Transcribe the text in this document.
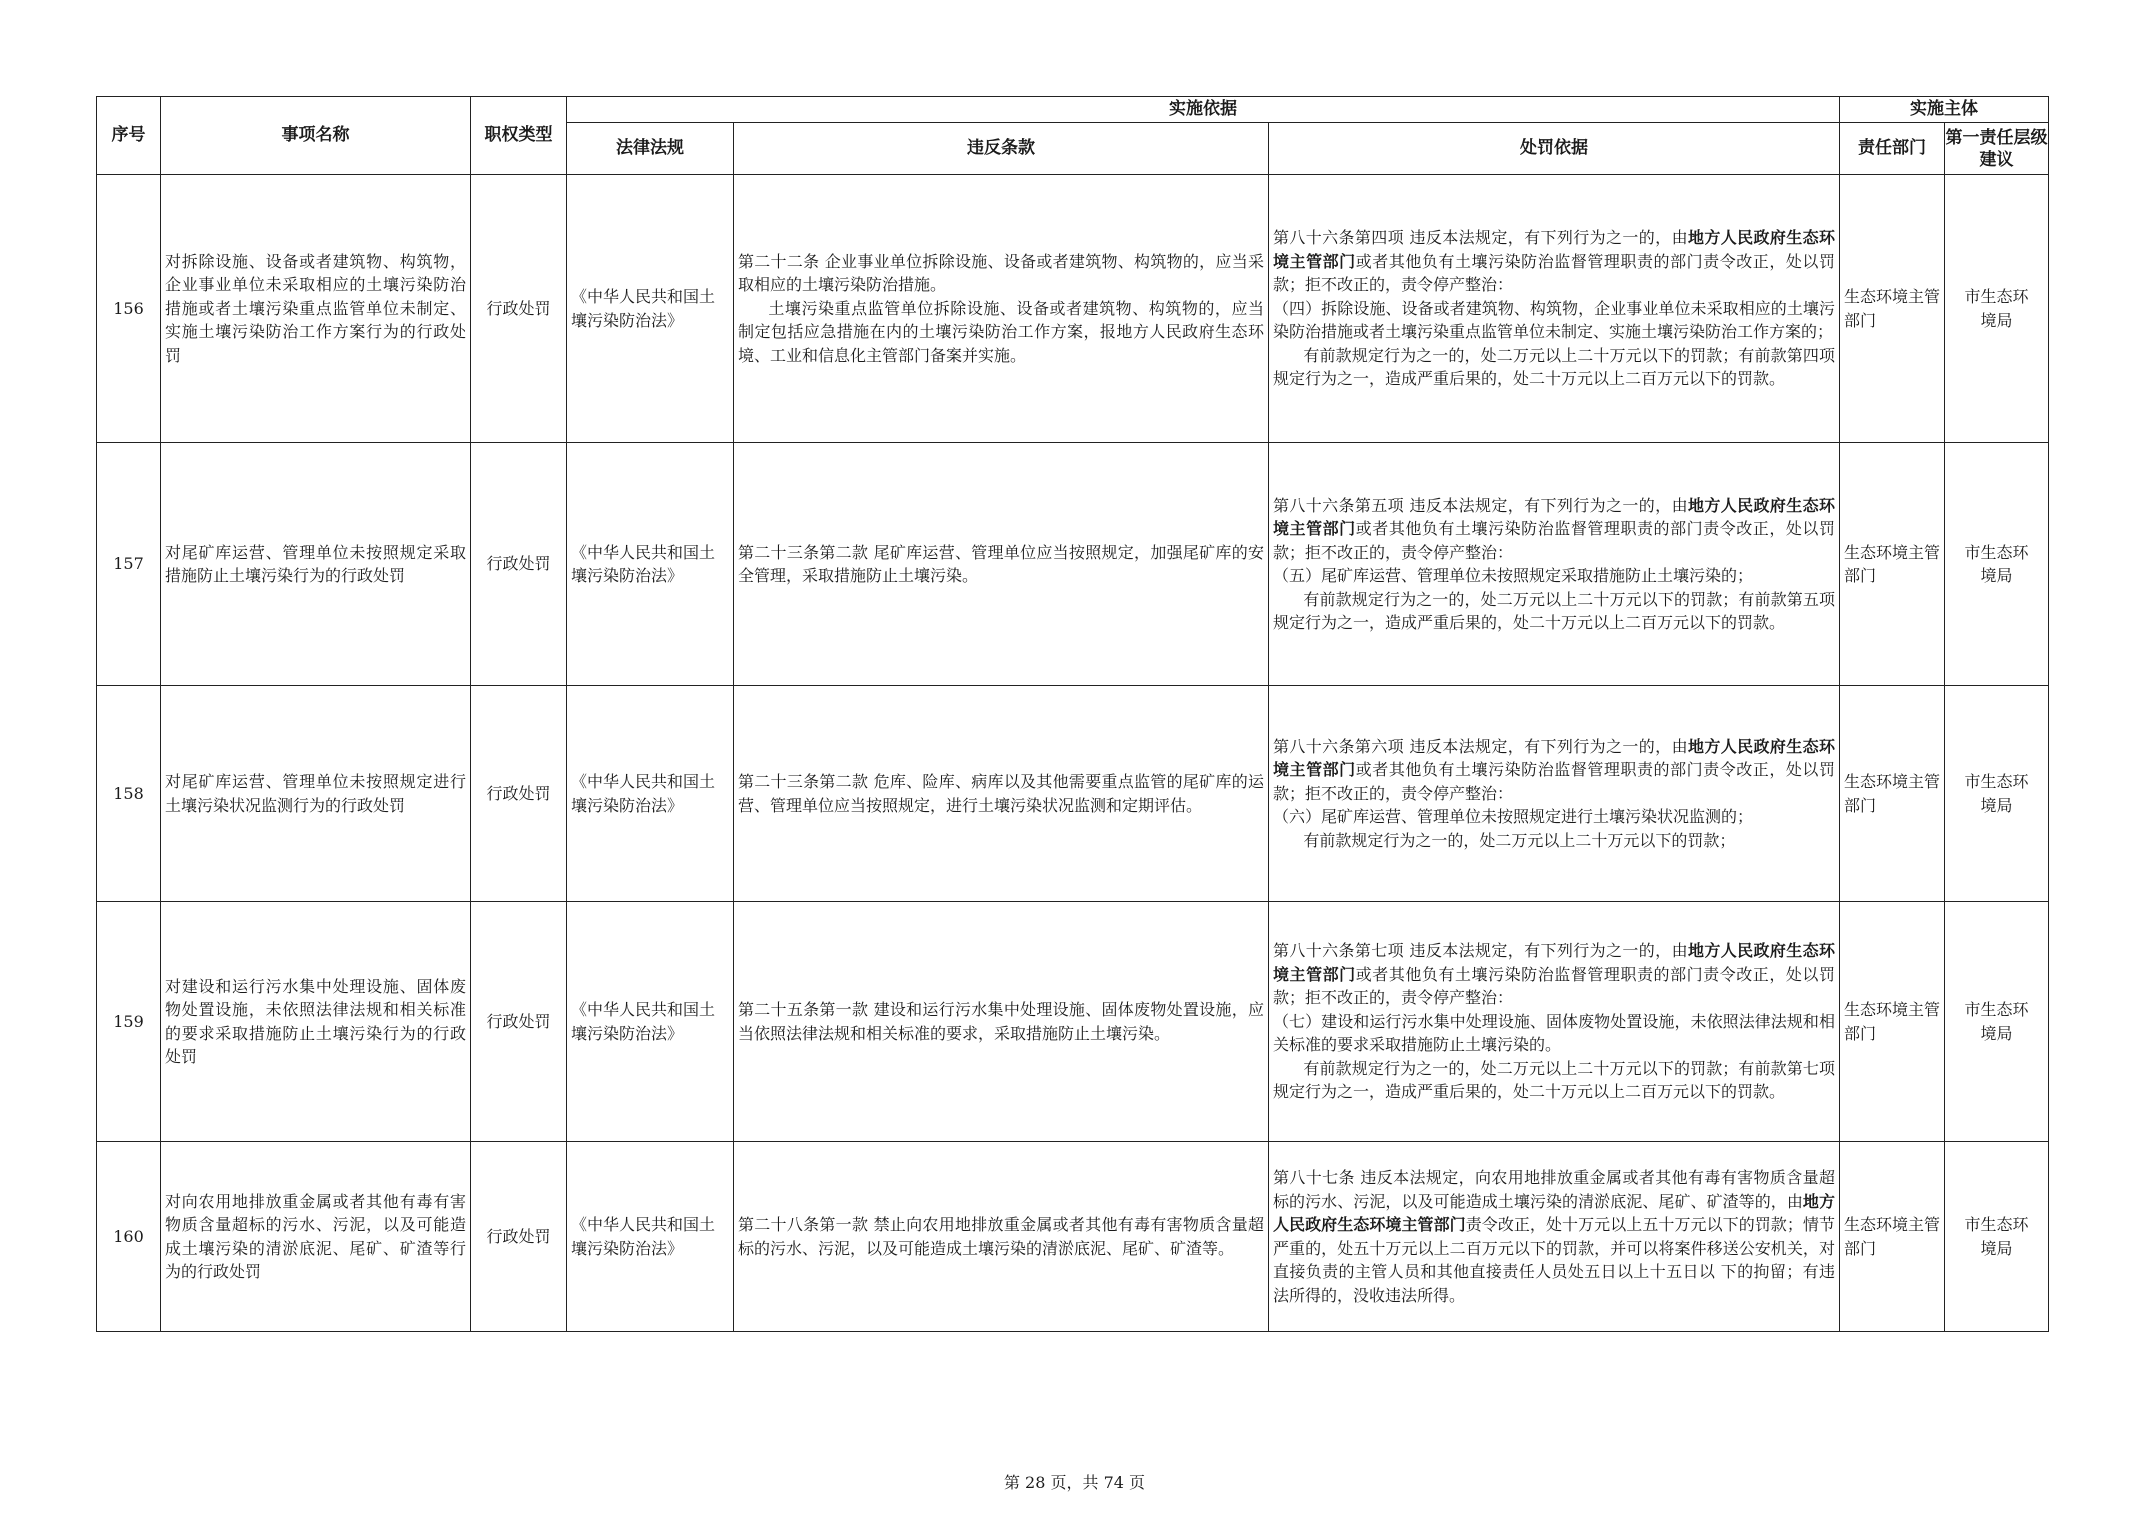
序号	事项名称	职权类型	实施依据			实施主体	
			法律法规	违反条款	处罚依据	责任部门	第一责任层级建议
156	对拆除设施、设备或者建筑物、构筑物，企业事业单位未采取相应的土壤污染防治措施或者土壤污染重点监管单位未制定、实施土壤污染防治工作方案行为的行政处罚	行政处罚	《中华人民共和国土壤污染防治法》	第二十二条 企业事业单位拆除设施、设备或者建筑物、构筑物的，应当采取相应的土壤污染防治措施。
土壤污染重点监管单位拆除设施、设备或者建筑物、构筑物的，应当制定包括应急措施在内的土壤污染防治工作方案，报地方人民政府生态环境、工业和信息化主管部门备案并实施。	第八十六条第四项 违反本法规定，有下列行为之一的，由地方人民政府生态环境主管部门或者其他负有土壤污染防治监督管理职责的部门责令改正，处以罚款；拒不改正的，责令停产整治：
（四）拆除设施、设备或者建筑物、构筑物，企业事业单位未采取相应的土壤污染防治措施或者土壤污染重点监管单位未制定、实施土壤污染防治工作方案的；
有前款规定行为之一的，处二万元以上二十万元以下的罚款；有前款第四项规定行为之一，造成严重后果的，处二十万元以上二百万元以下的罚款。	生态环境主管部门	市生态环境局
157	对尾矿库运营、管理单位未按照规定采取措施防止土壤污染行为的行政处罚	行政处罚	《中华人民共和国土壤污染防治法》	第二十三条第二款 尾矿库运营、管理单位应当按照规定，加强尾矿库的安全管理，采取措施防止土壤污染。	第八十六条第五项 违反本法规定，有下列行为之一的，由地方人民政府生态环境主管部门或者其他负有土壤污染防治监督管理职责的部门责令改正，处以罚款；拒不改正的，责令停产整治：
（五）尾矿库运营、管理单位未按照规定采取措施防止土壤污染的；
有前款规定行为之一的，处二万元以上二十万元以下的罚款；有前款第五项规定行为之一，造成严重后果的，处二十万元以上二百万元以下的罚款。	生态环境主管部门	市生态环境局
158	对尾矿库运营、管理单位未按照规定进行土壤污染状况监测行为的行政处罚	行政处罚	《中华人民共和国土壤污染防治法》	第二十三条第二款 危库、险库、病库以及其他需要重点监管的尾矿库的运营、管理单位应当按照规定，进行土壤污染状况监测和定期评估。	第八十六条第六项 违反本法规定，有下列行为之一的，由地方人民政府生态环境主管部门或者其他负有土壤污染防治监督管理职责的部门责令改正，处以罚款；拒不改正的，责令停产整治：
（六）尾矿库运营、管理单位未按照规定进行土壤污染状况监测的；
有前款规定行为之一的，处二万元以上二十万元以下的罚款；	生态环境主管部门	市生态环境局
159	对建设和运行污水集中处理设施、固体废物处置设施，未依照法律法规和相关标准的要求采取措施防止土壤污染行为的行政处罚	行政处罚	《中华人民共和国土壤污染防治法》	第二十五条第一款 建设和运行污水集中处理设施、固体废物处置设施，应当依照法律法规和相关标准的要求，采取措施防止土壤污染。	第八十六条第七项 违反本法规定，有下列行为之一的，由地方人民政府生态环境主管部门或者其他负有土壤污染防治监督管理职责的部门责令改正，处以罚款；拒不改正的，责令停产整治：
（七）建设和运行污水集中处理设施、固体废物处置设施，未依照法律法规和相关标准的要求采取措施防止土壤污染的。
有前款规定行为之一的，处二万元以上二十万元以下的罚款；有前款第七项规定行为之一，造成严重后果的，处二十万元以上二百万元以下的罚款。	生态环境主管部门	市生态环境局
160	对向农用地排放重金属或者其他有毒有害物质含量超标的污水、污泥，以及可能造成土壤污染的清淤底泥、尾矿、矿渣等行为的行政处罚	行政处罚	《中华人民共和国土壤污染防治法》	第二十八条第一款 禁止向农用地排放重金属或者其他有毒有害物质含量超标的污水、污泥，以及可能造成土壤污染的清淤底泥、尾矿、矿渣等。	第八十七条 违反本法规定，向农用地排放重金属或者其他有毒有害物质含量超标的污水、污泥，以及可能造成土壤污染的清淤底泥、尾矿、矿渣等的，由地方人民政府生态环境主管部门责令改正，处十万元以上五十万元以下的罚款；情节严重的，处五十万元以上二百万元以下的罚款，并可以将案件移送公安机关，对直接负责的主管人员和其他直接责任人员处五日以上十五日以 下的拘留；有违法所得的，没收违法所得。	生态环境主管部门	市生态环境局
第 28 页，共 74 页
